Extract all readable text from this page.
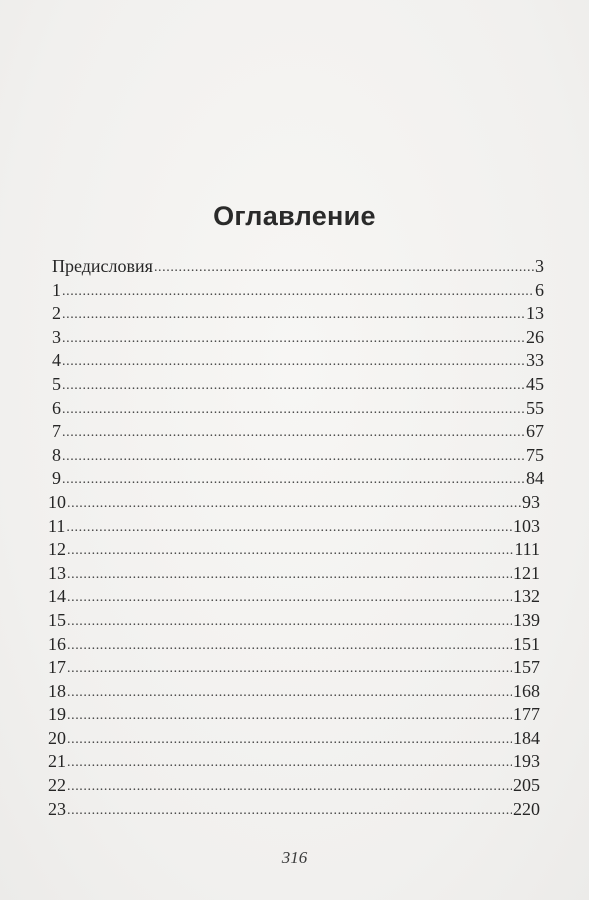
Оглавление
Предисловия .....	3
1 .....	6
2 .....	13
3 .....	26
4 .....	33
5 .....	45
6 .....	55
7 .....	67
8 .....	75
9 .....	84
10 .....	93
11 .....	103
12 .....	111
13 .....	121
14 .....	132
15 .....	139
16 .....	151
17 .....	157
18 .....	168
19 .....	177
20 .....	184
21 .....	193
22 .....	205
23 .....	220
316
